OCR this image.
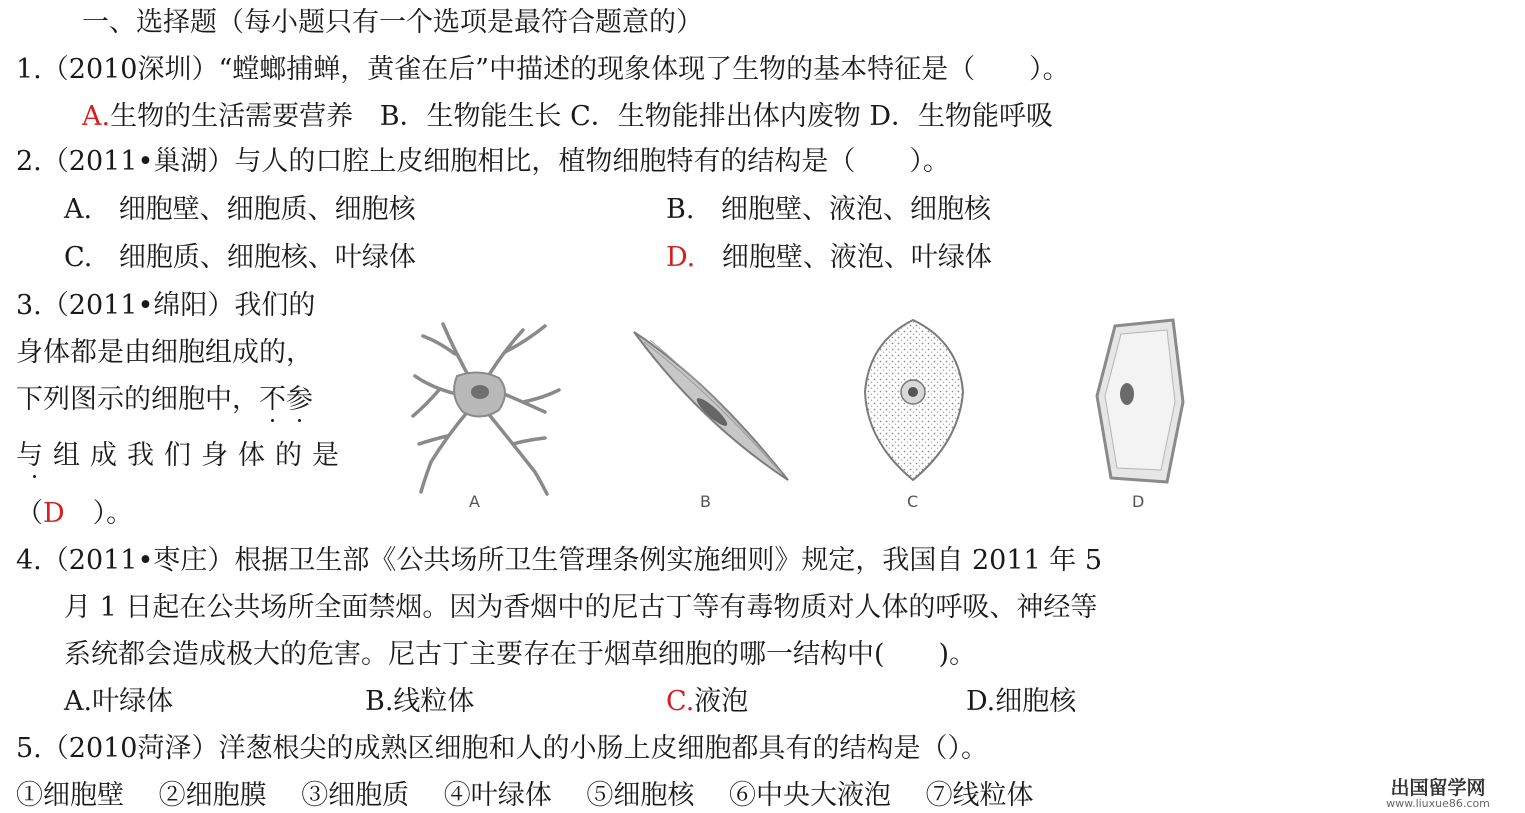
一、选择题（每小题只有一个选项是最符合题意的）
1.（2010深圳）“螳螂捕蝉，黄雀在后”中描述的现象体现了生物的基本特征是（　　）。
A.生物的生活需要营养 B．生物能生长 C．生物能排出体内废物 D．生物能呼吸
2.（2011•巢湖）与人的口腔上皮细胞相比，植物细胞特有的结构是（　　）。
A. 细胞壁、细胞质、细胞核	B. 细胞壁、液泡、细胞核
C. 细胞质、细胞核、叶绿体	D. 细胞壁、液泡、叶绿体
3.（2011•绵阳）我们的
身体都是由细胞组成的，
下列图示的细胞中，不参
与组成我们身体的是
（D ）。	A	B	C	D
4.（2011•枣庄）根据卫生部《公共场所卫生管理条例实施细则》规定，我国自 2011 年 5
月 1 日起在公共场所全面禁烟。因为香烟中的尼古丁等有毒物质对人体的呼吸、神经等
系统都会造成极大的危害。尼古丁主要存在于烟草细胞的哪一结构中(　　)。
A.叶绿体	B.线粒体	C.液泡	D.细胞核
5.（2010菏泽）洋葱根尖的成熟区细胞和人的小肠上皮细胞都具有的结构是（）。
①细胞壁 ②细胞膜 ③细胞质 ④叶绿体 ⑤细胞核 ⑥中央大液泡 ⑦线粒体	出国留学网
www.liuxue86.com
